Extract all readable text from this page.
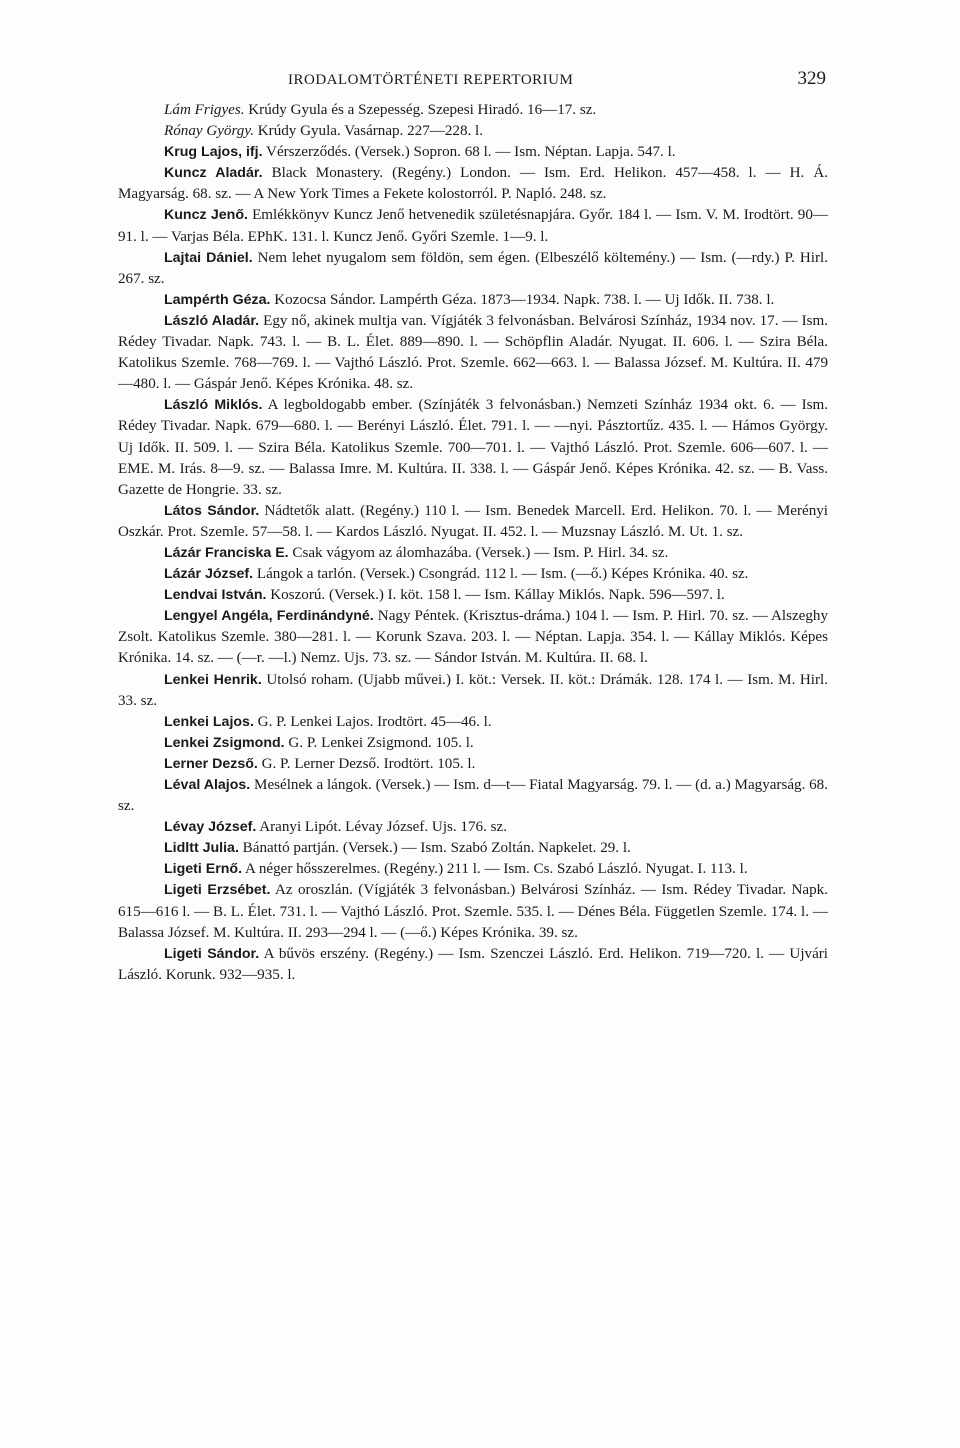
IRODALOMTÖRTÉNETI REPERTORIUM	329

Lám Frigyes. Krúdy Gyula és a Szepesség. Szepesi Hiradó. 16—17. sz.

Rónay György. Krúdy Gyula. Vasárnap. 227—228. l.

Krug Lajos, ifj. Vérszerződés. (Versek.) Sopron. 68 l. — Ism. Néptan. Lapja. 547. l.

Kuncz Aladár. Black Monastery. (Regény.) London. — Ism. Erd. Helikon. 457—458. l. — H. Á. Magyarság. 68. sz. — A New York Times a Fekete kolostorról. P. Napló. 248. sz.

Kuncz Jenő. Emlékkönyv Kuncz Jenő hetvenedik születésnapjára. Győr. 184 l. — Ism. V. M. Irodtört. 90—91. l. — Varjas Béla. EPhK. 131. l. Kuncz Jenő. Győri Szemle. 1—9. l.

Lajtai Dániel. Nem lehet nyugalom sem földön, sem égen. (Elbeszélő költemény.) — Ism. (—rdy.) P. Hirl. 267. sz.

Lampérth Géza. Kozocsa Sándor. Lampérth Géza. 1873—1934. Napk. 738. l. — Uj Idők. II. 738. l.

László Aladár. Egy nő, akinek multja van. Vígjáték 3 felvonásban. Belvárosi Színház, 1934 nov. 17. — Ism. Rédey Tivadar. Napk. 743. l. — B. L. Élet. 889—890. l. — Schöpflin Aladár. Nyugat. II. 606. l. — Szira Béla. Katolikus Szemle. 768—769. l. — Vajthó László. Prot. Szemle. 662—663. l. — Balassa József. M. Kultúra. II. 479—480. l. — Gáspár Jenő. Képes Krónika. 48. sz.

László Miklós. A legboldogabb ember. (Színjáték 3 felvonásban.) Nemzeti Színház 1934 okt. 6. — Ism. Rédey Tivadar. Napk. 679—680. l. — Berényi László. Élet. 791. l. — —nyi. Pásztortűz. 435. l. — Hámos György. Uj Idők. II. 509. l. — Szira Béla. Katolikus Szemle. 700—701. l. — Vajthó László. Prot. Szemle. 606—607. l. — EME. M. Irás. 8—9. sz. — Balassa Imre. M. Kultúra. II. 338. l. — Gáspár Jenő. Képes Krónika. 42. sz. — B. Vass. Gazette de Hongrie. 33. sz.

Látos Sándor. Nádtetők alatt. (Regény.) 110 l. — Ism. Benedek Marcell. Erd. Helikon. 70. l. — Merényi Oszkár. Prot. Szemle. 57—58. l. — Kardos László. Nyugat. II. 452. l. — Muzsnay László. M. Ut. 1. sz.

Lázár Franciska E. Csak vágyom az álomhazába. (Versek.) — Ism. P. Hirl. 34. sz.

Lázár József. Lángok a tarlón. (Versek.) Csongrád. 112 l. — Ism. (—ő.) Képes Krónika. 40. sz.

Lendvai István. Koszorú. (Versek.) I. köt. 158 l. — Ism. Kállay Miklós. Napk. 596—597. l.

Lengyel Angéla, Ferdinándyné. Nagy Péntek. (Krisztus-dráma.) 104 l. — Ism. P. Hirl. 70. sz. — Alszeghy Zsolt. Katolikus Szemle. 380—281. l. — Korunk Szava. 203. l. — Néptan. Lapja. 354. l. — Kállay Miklós. Képes Krónika. 14. sz. — (—r. —l.) Nemz. Ujs. 73. sz. — Sándor István. M. Kultúra. II. 68. l.

Lenkei Henrik. Utolsó roham. (Ujabb művei.) I. köt.: Versek. II. köt.: Drámák. 128. 174 l. — Ism. M. Hirl. 33. sz.

Lenkei Lajos. G. P. Lenkei Lajos. Irodtört. 45—46. l.

Lenkei Zsigmond. G. P. Lenkei Zsigmond. 105. l.

Lerner Dezső. G. P. Lerner Dezső. Irodtört. 105. l.

Léval Alajos. Mesélnek a lángok. (Versek.) — Ism. d—t— Fiatal Magyarság. 79. l. — (d. a.) Magyarság. 68. sz.

Lévay József. Aranyi Lipót. Lévay József. Ujs. 176. sz.

Lidltt Julia. Bánattó partján. (Versek.) — Ism. Szabó Zoltán. Napkelet. 29. l.

Ligeti Ernő. A néger hősszerelmes. (Regény.) 211 l. — Ism. Cs. Szabó László. Nyugat. I. 113. l.

Ligeti Erzsébet. Az oroszlán. (Vígjáték 3 felvonásban.) Belvárosi Színház. — Ism. Rédey Tivadar. Napk. 615—616 l. — B. L. Élet. 731. l. — Vajthó László. Prot. Szemle. 535. l. — Dénes Béla. Független Szemle. 174. l. — Balassa József. M. Kultúra. II. 293—294 l. — (—ő.) Képes Krónika. 39. sz.

Ligeti Sándor. A bűvös erszény. (Regény.) — Ism. Szenczei László. Erd. Helikon. 719—720. l. — Ujvári László. Korunk. 932—935. l.
